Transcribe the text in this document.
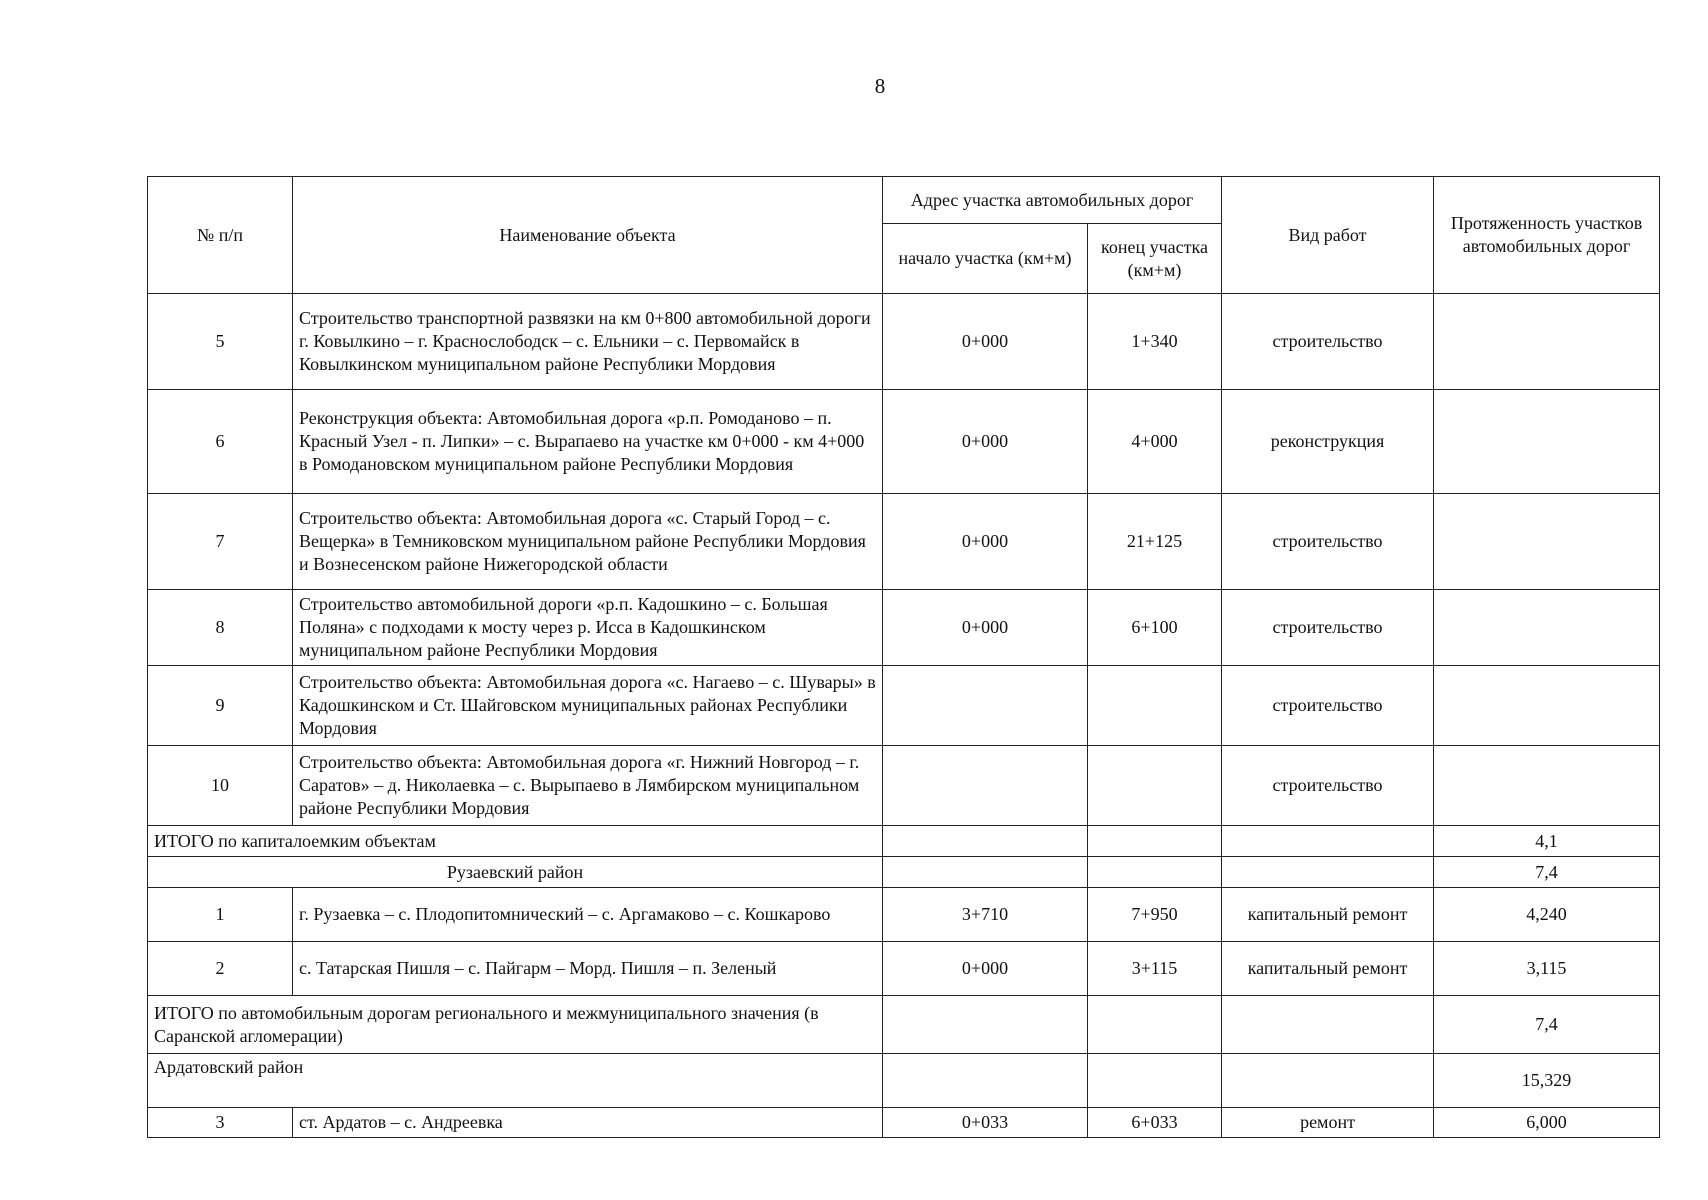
8
№ п/п	Наименование объекта	Адрес участка автомобильных дорог		Вид работ	Протяженность участков автомобильных дорог
		начало участка (км+м)	конец участка (км+м)		
5	Строительство транспортной развязки на км 0+800 автомобильной дороги г. Ковылкино – г. Краснослободск – с. Ельники – с. Первомайск в Ковылкинском муниципальном районе Республики Мордовия	0+000	1+340	строительство	
6	Реконструкция объекта: Автомобильная дорога «р.п. Ромоданово – п. Красный Узел - п. Липки» – с. Вырапаево на участке км 0+000 - км 4+000 в Ромодановском муниципальном районе Республики Мордовия	0+000	4+000	реконструкция	
7	Строительство объекта: Автомобильная дорога «с. Старый Город – с. Вещерка» в Темниковском муниципальном районе Республики Мордовия и Вознесенском районе Нижегородской области	0+000	21+125	строительство	
8	Строительство автомобильной дороги «р.п. Кадошкино – с. Большая Поляна» с подходами к мосту через р. Исса в Кадошкинском муниципальном районе Республики Мордовия	0+000	6+100	строительство	
9	Строительство объекта: Автомобильная дорога «с. Нагаево – с. Шувары» в Кадошкинском и Ст. Шайговском муниципальных районах Республики Мордовия			строительство	
10	Строительство объекта: Автомобильная дорога «г. Нижний Новгород – г. Саратов» – д. Николаевка – с. Вырыпаево в Лямбирском муниципальном районе Республики Мордовия			строительство	
ИТОГО по капиталоемким объектам					4,1
Рузаевский район					7,4
1	г. Рузаевка – с. Плодопитомнический – с. Аргамаково – с. Кошкарово	3+710	7+950	капитальный ремонт	4,240
2	с. Татарская Пишля – с. Пайгарм – Морд. Пишля – п. Зеленый	0+000	3+115	капитальный ремонт	3,115
ИТОГО по автомобильным дорогам регионального и межмуниципального значения (в Саранской агломерации)					7,4
Ардатовский район					15,329
3	ст. Ардатов – с. Андреевка	0+033	6+033	ремонт	6,000
